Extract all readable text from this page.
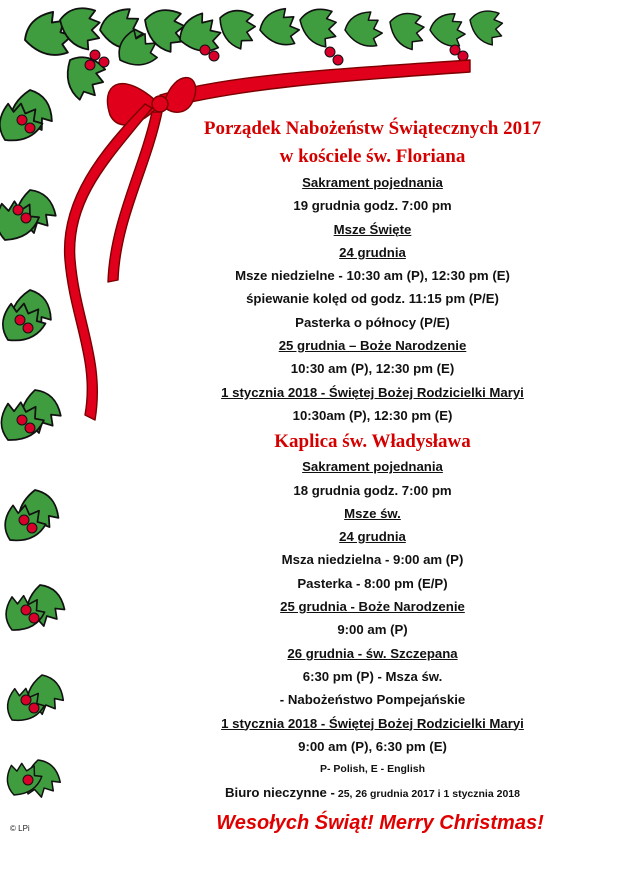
Porządek Nabożeństw Świątecznych 2017
w kościele św. Floriana
Sakrament pojednania
19 grudnia godz. 7:00 pm
Msze Święte
24 grudnia
Msze niedzielne - 10:30 am (P), 12:30 pm (E)
śpiewanie kolęd od godz. 11:15 pm (P/E)
Pasterka o północy (P/E)
25 grudnia – Boże Narodzenie
10:30 am (P), 12:30 pm (E)
1 stycznia 2018 - Świętej Bożej Rodzicielki Maryi
10:30am (P), 12:30 pm (E)
Kaplica św. Władysława
Sakrament pojednania
18 grudnia godz. 7:00 pm
Msze św.
24 grudnia
Msza niedzielna - 9:00 am (P)
Pasterka - 8:00 pm (E/P)
25 grudnia - Boże Narodzenie
9:00 am (P)
26 grudnia - św. Szczepana
6:30 pm (P) - Msza św.
- Nabożeństwo Pompejańskie
1 stycznia 2018 - Świętej Bożej Rodzicielki Maryi
9:00 am (P), 6:30 pm (E)
P- Polish, E - English
Biuro nieczynne - 25, 26 grudnia 2017 i 1 stycznia 2018
Wesołych Świąt! Merry Christmas!
© LPi
